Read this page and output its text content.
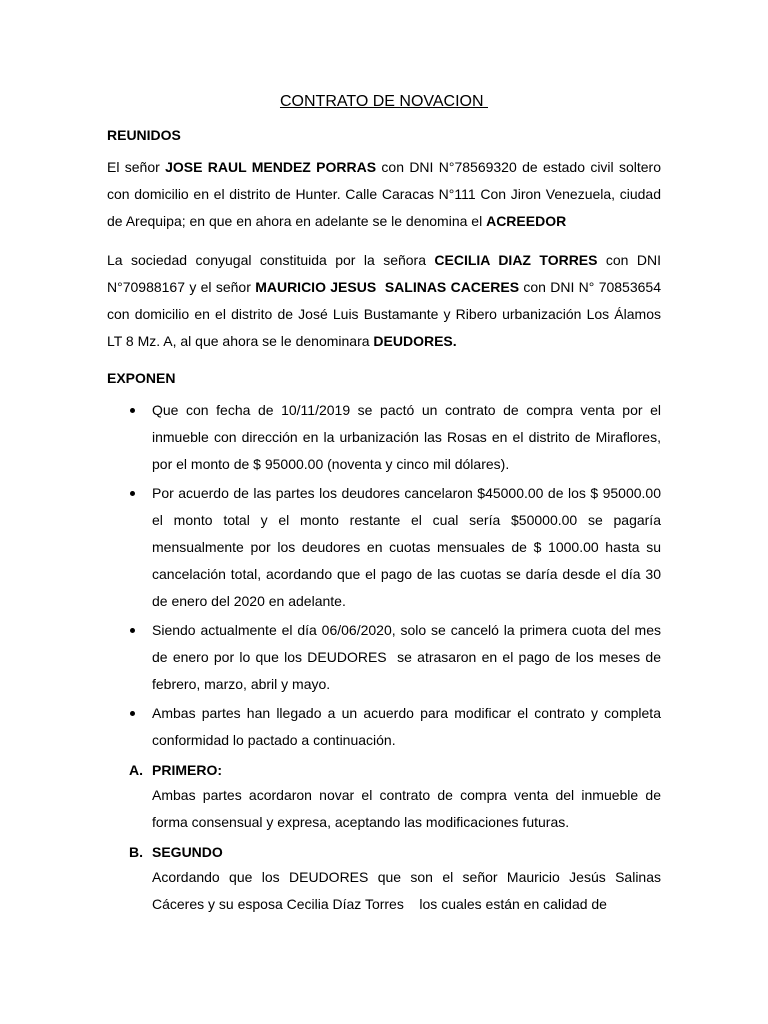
CONTRATO DE NOVACION
REUNIDOS
El señor JOSE RAUL MENDEZ PORRAS con DNI N°78569320 de estado civil soltero con domicilio en el distrito de Hunter. Calle Caracas N°111 Con Jiron Venezuela, ciudad de Arequipa; en que en ahora en adelante se le denomina el ACREEDOR
La sociedad conyugal constituida por la señora CECILIA DIAZ TORRES con DNI N°70988167 y el señor MAURICIO JESUS  SALINAS CACERES con DNI N° 70853654  con domicilio en el distrito de José Luis Bustamante y Ribero urbanización Los Álamos LT 8 Mz. A, al que ahora se le denominara DEUDORES.
EXPONEN
Que con fecha de 10/11/2019 se pactó un contrato de compra venta por el inmueble con dirección en la urbanización las Rosas en el distrito de Miraflores, por el monto de $ 95000.00 (noventa y cinco mil dólares).
Por acuerdo de las partes los deudores cancelaron $45000.00 de los $ 95000.00 el monto total y el monto restante el cual sería $50000.00 se pagaría mensualmente por los deudores en cuotas mensuales de $ 1000.00 hasta su cancelación total, acordando que el pago de las cuotas se daría desde el día 30 de enero del 2020 en adelante.
Siendo actualmente el día 06/06/2020, solo se canceló la primera cuota del mes de enero por lo que los DEUDORES  se atrasaron en el pago de los meses de febrero, marzo, abril y mayo.
Ambas partes han llegado a un acuerdo para modificar el contrato y completa conformidad lo pactado a continuación.
A. PRIMERO:
Ambas partes acordaron novar el contrato de compra venta del inmueble de forma consensual y expresa, aceptando las modificaciones futuras.
B. SEGUNDO
Acordando que los DEUDORES que son el señor Mauricio Jesús Salinas Cáceres y su esposa Cecilia Díaz Torres    los cuales están en calidad de
